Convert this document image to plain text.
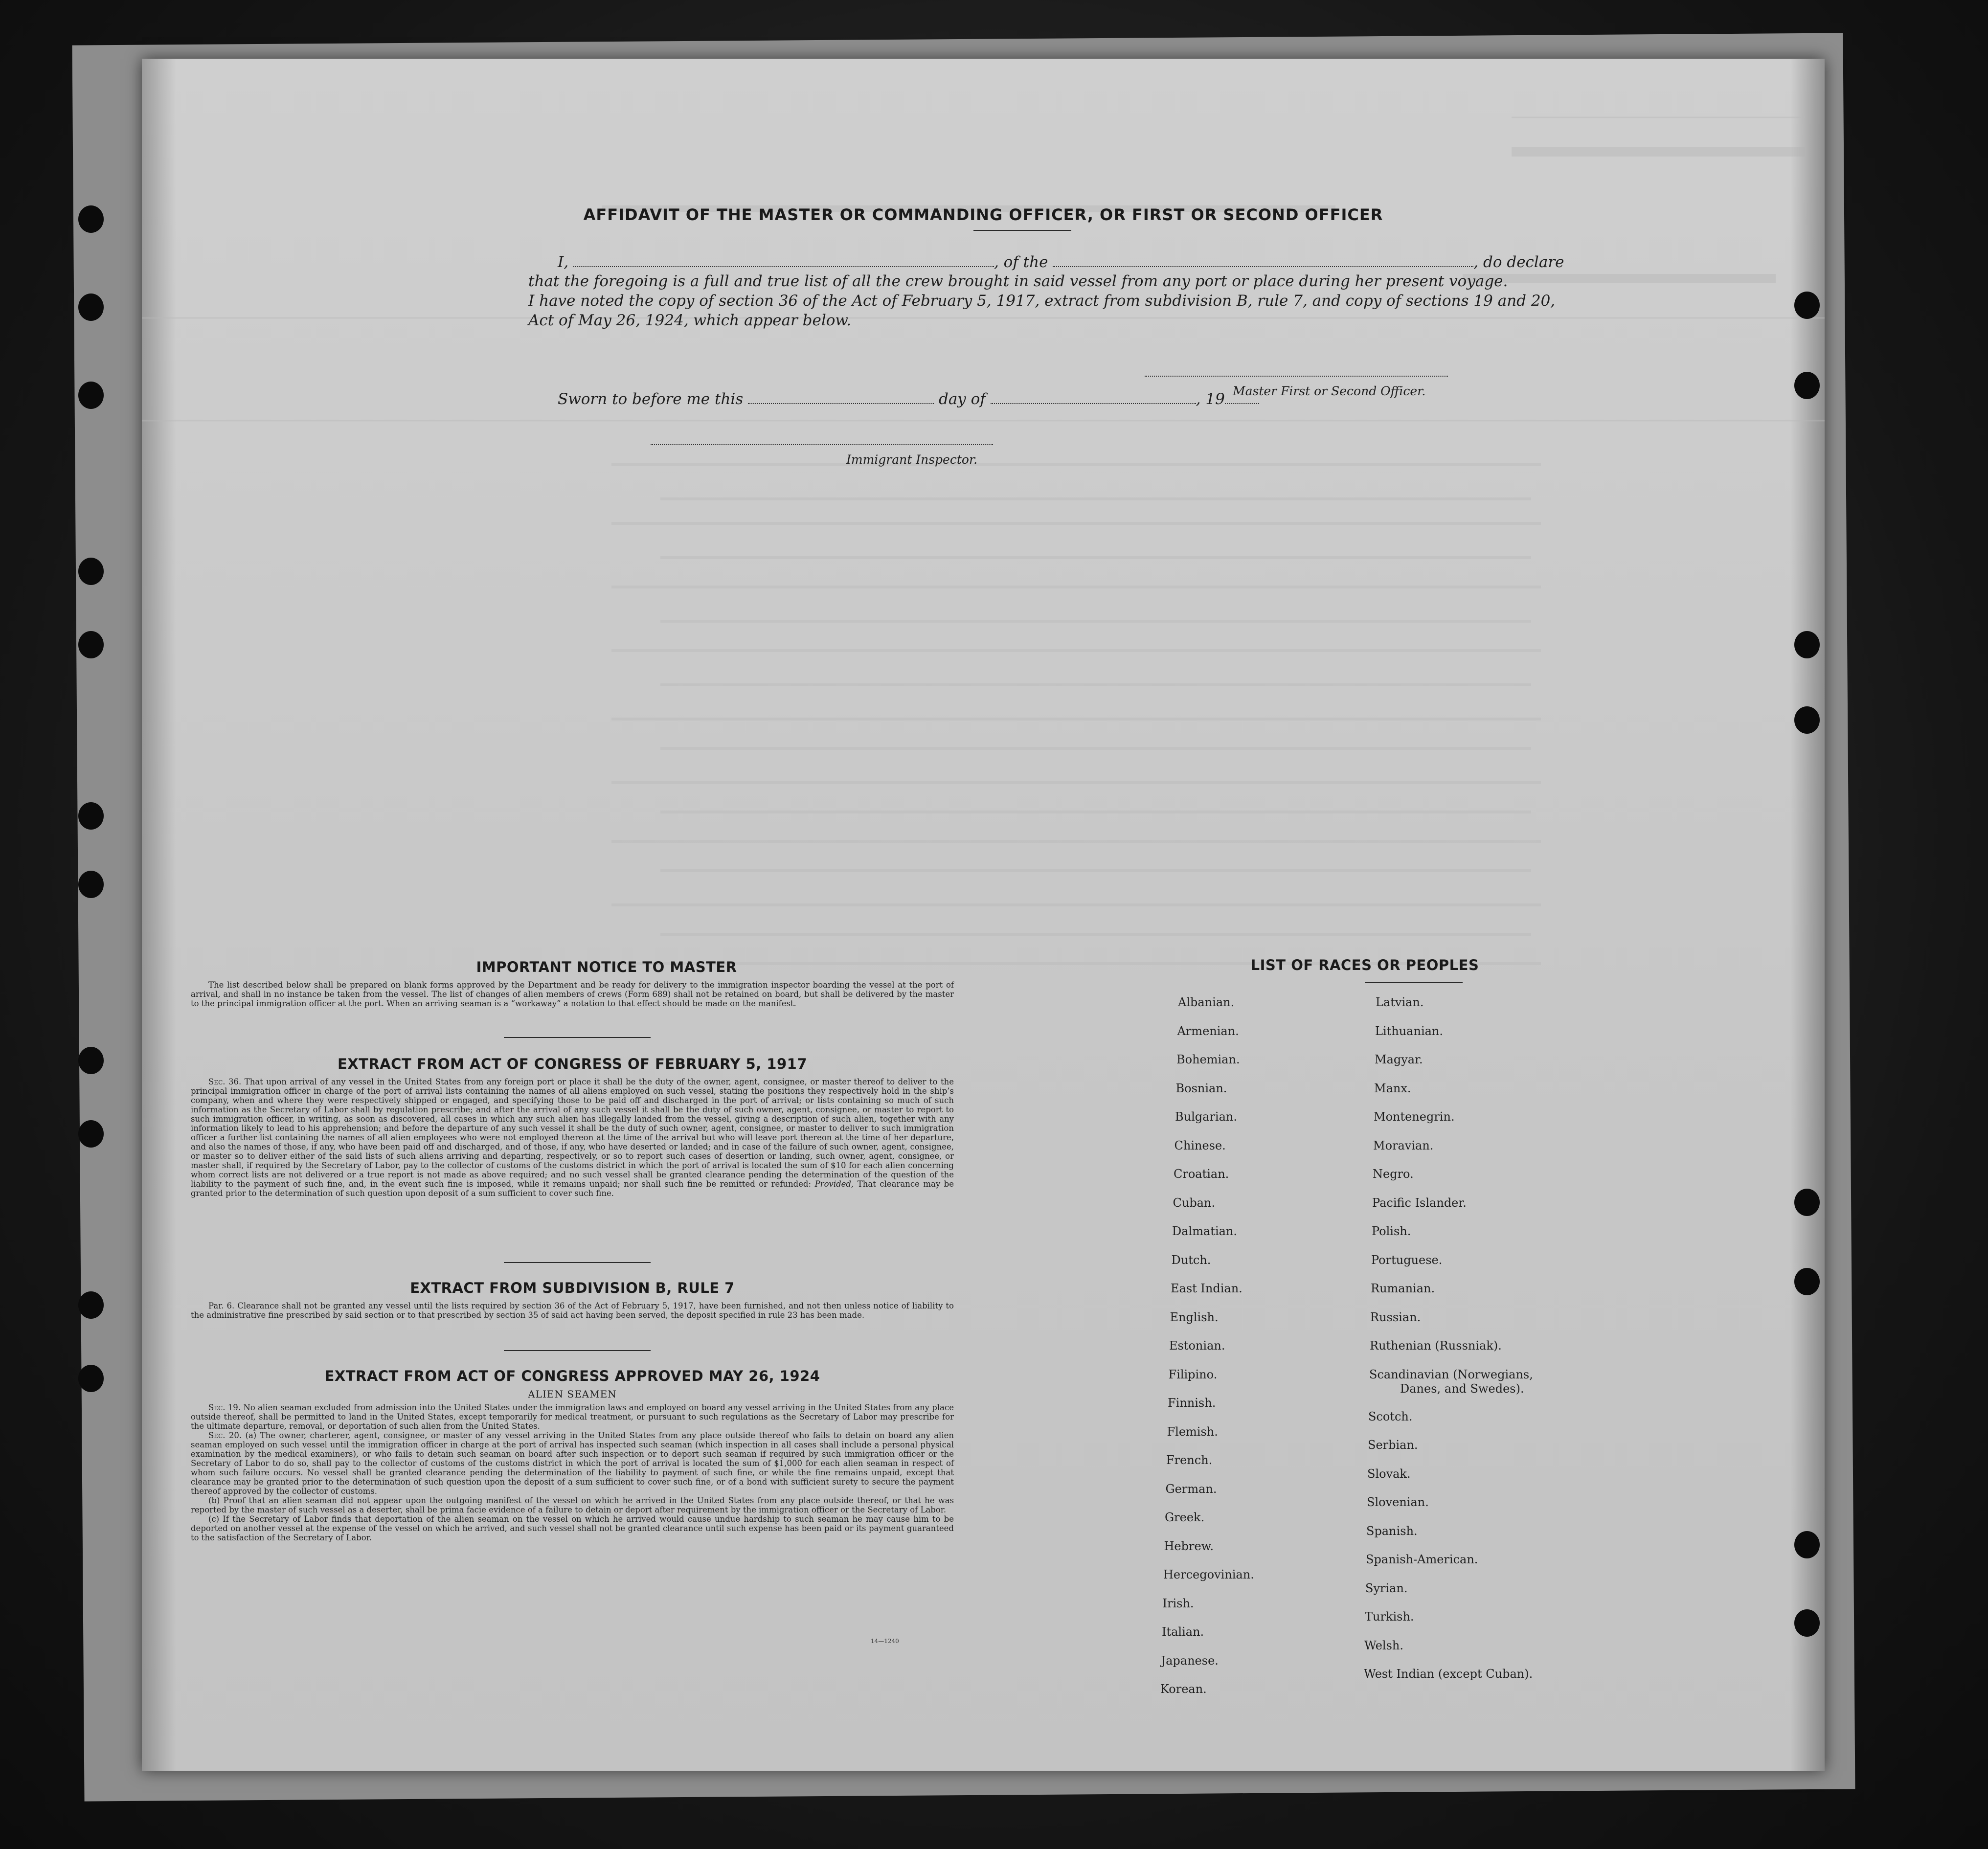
AFFIDAVIT OF THE MASTER OR COMMANDING OFFICER, OR FIRST OR SECOND OFFICER
I,	, of the	, do declare
that the foregoing is a full and true list of all the crew brought in said vessel from any port or place during her present voyage.
I have noted the copy of section 36 of the Act of February 5, 1917, extract from subdivision B, rule 7, and copy of sections 19 and 20,
Act of May 26, 1924, which appear below.
Master First or Second Officer.
Sworn to before me this	day of	, 19
Immigrant Inspector.
IMPORTANT NOTICE TO MASTER

The list described below shall be prepared on blank forms approved by the Department and be ready for delivery to the immigration inspector boarding the vessel at the port of arrival, and shall in no instance be taken from the vessel. The list of changes of alien members of crews (Form 689) shall not be retained on board, but shall be delivered by the master to the principal immigration officer at the port. When an arriving seaman is a “workaway” a notation to that effect should be made on the manifest.

EXTRACT FROM ACT OF CONGRESS OF FEBRUARY 5, 1917

Sec. 36. That upon arrival of any vessel in the United States from any foreign port or place it shall be the duty of the owner, agent, consignee, or master thereof to deliver to the principal immigration officer in charge of the port of arrival lists containing the names of all aliens employed on such vessel, stating the positions they respectively hold in the ship’s company, when and where they were respectively shipped or engaged, and specifying those to be paid off and discharged in the port of arrival; or lists containing so much of such information as the Secretary of Labor shall by regulation prescribe; and after the arrival of any such vessel it shall be the duty of such owner, agent, consignee, or master to report to such immigration officer, in writing, as soon as discovered, all cases in which any such alien has illegally landed from the vessel, giving a description of such alien, together with any information likely to lead to his apprehension; and before the departure of any such vessel it shall be the duty of such owner, agent, consignee, or master to deliver to such immigration officer a further list containing the names of all alien employees who were not employed thereon at the time of the arrival but who will leave port thereon at the time of her departure, and also the names of those, if any, who have been paid off and discharged, and of those, if any, who have deserted or landed; and in case of the failure of such owner, agent, consignee, or master so to deliver either of the said lists of such aliens arriving and departing, respectively, or so to report such cases of desertion or landing, such owner, agent, consignee, or master shall, if required by the Secretary of Labor, pay to the collector of customs of the customs district in which the port of arrival is located the sum of $10 for each alien concerning whom correct lists are not delivered or a true report is not made as above required; and no such vessel shall be granted clearance pending the determination of the question of the liability to the payment of such fine, and, in the event such fine is imposed, while it remains unpaid; nor shall such fine be remitted or refunded: Provided, That clearance may be granted prior to the determination of such question upon deposit of a sum sufficient to cover such fine.

EXTRACT FROM SUBDIVISION B, RULE 7

Par. 6. Clearance shall not be granted any vessel until the lists required by section 36 of the Act of February 5, 1917, have been furnished, and not then unless notice of liability to the administrative fine prescribed by said section or to that prescribed by section 35 of said act having been served, the deposit specified in rule 23 has been made.

EXTRACT FROM ACT OF CONGRESS APPROVED MAY 26, 1924
ALIEN SEAMEN

Sec. 19. No alien seaman excluded from admission into the United States under the immigration laws and employed on board any vessel arriving in the United States from any place outside thereof, shall be permitted to land in the United States, except temporarily for medical treatment, or pursuant to such regulations as the Secretary of Labor may prescribe for the ultimate departure, removal, or deportation of such alien from the United States.

Sec. 20. (a) The owner, charterer, agent, consignee, or master of any vessel arriving in the United States from any place outside thereof who fails to detain on board any alien seaman employed on such vessel until the immigration officer in charge at the port of arrival has inspected such seaman (which inspection in all cases shall include a personal physical examination by the medical examiners), or who fails to detain such seaman on board after such inspection or to deport such seaman if required by such immigration officer or the Secretary of Labor to do so, shall pay to the collector of customs of the customs district in which the port of arrival is located the sum of $1,000 for each alien seaman in respect of whom such failure occurs. No vessel shall be granted clearance pending the determination of the liability to payment of such fine, or while the fine remains unpaid, except that clearance may be granted prior to the determination of such question upon the deposit of a sum sufficient to cover such fine, or of a bond with sufficient surety to secure the payment thereof approved by the collector of customs.

(b) Proof that an alien seaman did not appear upon the outgoing manifest of the vessel on which he arrived in the United States from any place outside thereof, or that he was reported by the master of such vessel as a deserter, shall be prima facie evidence of a failure to detain or deport after requirement by the immigration officer or the Secretary of Labor.

(c) If the Secretary of Labor finds that deportation of the alien seaman on the vessel on which he arrived would cause undue hardship to such seaman he may cause him to be deported on another vessel at the expense of the vessel on which he arrived, and such vessel shall not be granted clearance until such expense has been paid or its payment guaranteed to the satisfaction of the Secretary of Labor.

14—1240
LIST OF RACES OR PEOPLES
Albanian.
Armenian.
Bohemian.
Bosnian.
Bulgarian.
Chinese.
Croatian.
Cuban.
Dalmatian.
Dutch.
East Indian.
English.
Estonian.
Filipino.
Finnish.
Flemish.
French.
German.
Greek.
Hebrew.
Hercegovinian.
Irish.
Italian.
Japanese.
Korean.
Latvian.
Lithuanian.
Magyar.
Manx.
Montenegrin.
Moravian.
Negro.
Pacific Islander.
Polish.
Portuguese.
Rumanian.
Russian.
Ruthenian (Russniak).
Scandinavian (Norwegians,
Danes, and Swedes).
Scotch.
Serbian.
Slovak.
Slovenian.
Spanish.
Spanish-American.
Syrian.
Turkish.
Welsh.
West Indian (except Cuban).
